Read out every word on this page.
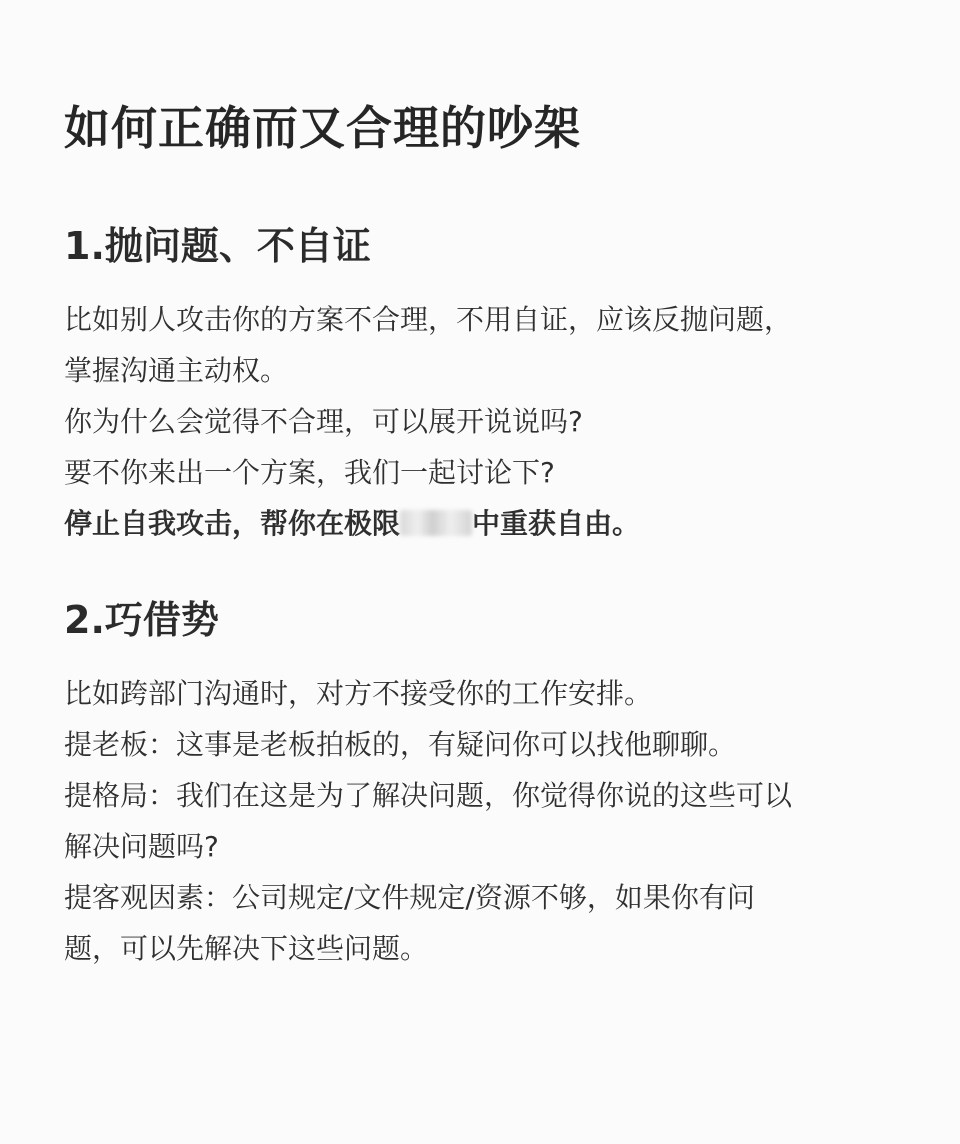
如何正确而又合理的吵架
1.抛问题、不自证

比如别人攻击你的方案不合理，不用自证，应该反抛问题，

掌握沟通主动权。

你为什么会觉得不合理，可以展开说说吗?

要不你来出一个方案，我们一起讨论下?

停止自我攻击，帮你在极限	中重获自由。

2.巧借势

比如跨部门沟通时，对方不接受你的工作安排。

提老板：这事是老板拍板的，有疑问你可以找他聊聊。

提格局：我们在这是为了解决问题，你觉得你说的这些可以

解决问题吗?

提客观因素：公司规定/文件规定/资源不够，如果你有问

题，可以先解决下这些问题。
